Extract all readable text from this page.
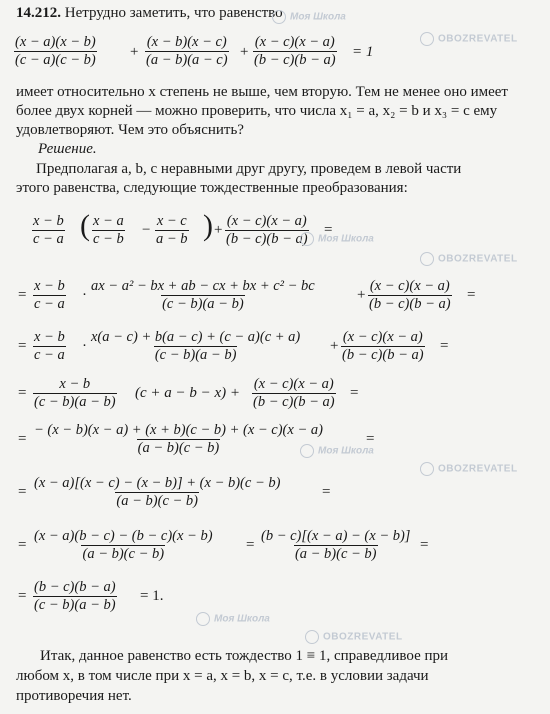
14.212. Нетрудно заметить, что равенство
$\frac{(x - a)(x - b)}{(c - a)(c - b)} + \frac{(x - b)(x - c)}{(a - b)(a - c)} + \frac{(x - c)(x - a)}{(b - c)(b - a)} = 1$
имеет относительно x степень не выше, чем вторую. Тем не менее оно имеет
более двух корней — можно проверить, что числа x₁ = a, x₂ = b и x₃ = c ему
удовлетворяют. Чем это объяснить?
Решение.
Предполагая a, b, c неравными друг другу, проведем в левой части
этого равенства, следующие тождественные преобразования:
$\frac{x - b}{c - a}$ ( $\frac{x - a}{c - b} - \frac{x - c}{a - b}$ ) + $\frac{(x - c)(x - a)}{(b - c)(b - a)}$ =
= $\frac{x - b}{c - a} \cdot \frac{\text{ax − a² − bx + ab − cx + bx + c² − bc}}{(c - b)(a - b)}$	+ $\frac{(x - c)(x - a)}{(b - c)(b - a)}$ =
= $\frac{x - b}{c - a} \cdot \frac{x(a - c) + b(a - c) + (c - a)(c + a)}{(c - b)(a - b)} + \frac{(x - c)(x - a)}{(b - c)(b - a)}$ =
= $\frac{x - b}{(c - b)(a - b)} (c + a - b - x) + \frac{(x - c)(x - a)}{(b - c)(b - a)}$ =
= $\frac{- (x - b)(x - a) + (x + b)(c - b) + (x - c)(x - a)}{(a - b)(c - b)}$	=
= $\frac{(x - a)[(x - c) - (x - b)] + (x - b)(c - b)}{(a - b)(c - b)}$	=
= $\frac{(x - a)(b - c) - (b - c)(x - b)}{(a - b)(c - b)} = \frac{(b - c)[(x - a) - (x - b)]}{(a - b)(c - b)}$ =
= $\frac{(b - c)(b - a)}{(c - b)(a - b)} = 1$.
Итак, данное равенство есть тождество 1 ≡ 1, справедливое при
любом x, в том числе при x = a, x = b, x = c, т.е. в условии задачи
противоречия нет.
Моя Школа
OBOZREVATEL
Моя Школа
OBOZREVATEL
Моя Школа
OBOZREVATEL
Моя Школа
OBOZREVATEL
